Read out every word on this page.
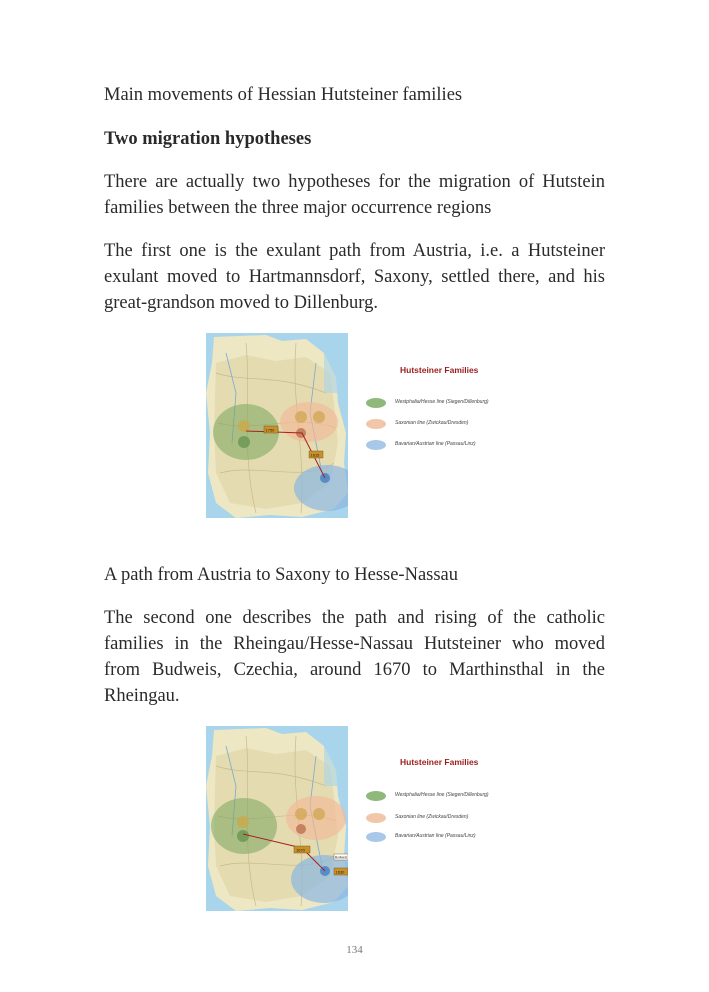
Main movements of Hessian Hutsteiner families

Two migration hypotheses

There are actually two hypotheses for the migration of Hutstein families between the three major occurrence regions

The first one is the exulant path from Austria, i.e. a Hutsteiner exulant moved to Hartmannsdorf, Saxony, settled there, and his great-grandson moved to Dillenburg.

1750
1615
Hutsteiner Families
Westphalia/Hesse line (Siegen/Dillenburg)
Saxonian line (Zwickau/Dresden)
Bavarian/Austrian line (Passau/Linz)

A path from Austria to Saxony to Hesse-Nassau

The second one describes the path and rising of the catholic families in the Rheingau/Hesse-Nassau Hutsteiner who moved from Budweis, Czechia, around 1670 to Marthinsthal in the Rheingau.

1670
Budweis
1630
Hutsteiner Families
Westphalia/Hesse line (Siegen/Dillenburg)
Saxonian line (Zwickau/Dresden)
Bavarian/Austrian line (Passau/Linz)
134
